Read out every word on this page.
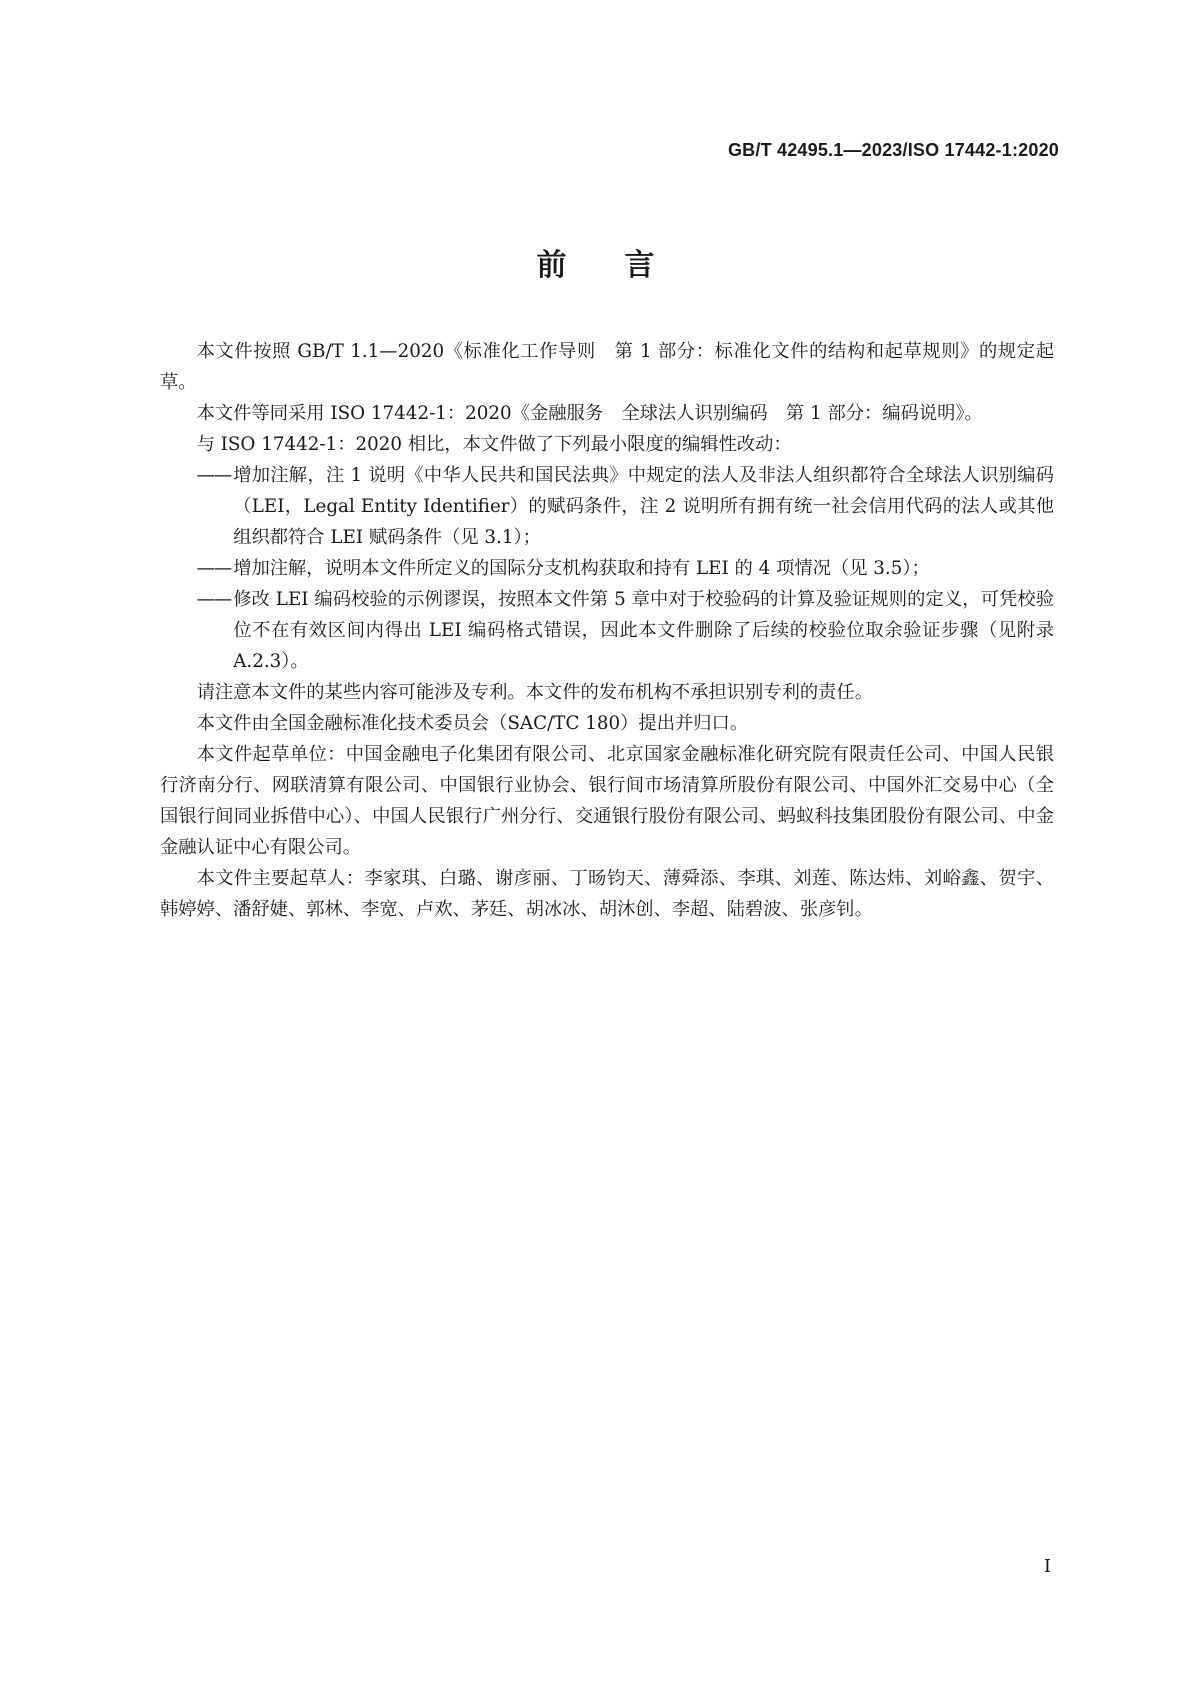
GB/T 42495.1—2023/ISO 17442-1:2020
前言

本文件按照 GB/T 1.1—2020《标准化工作导则　第 1 部分：标准化文件的结构和起草规则》的规定起草。

本文件等同采用 ISO 17442-1：2020《金融服务　全球法人识别编码　第 1 部分：编码说明》。

与 ISO 17442-1：2020 相比，本文件做了下列最小限度的编辑性改动：

—— 增加注解，注 1 说明《中华人民共和国民法典》中规定的法人及非法人组织都符合全球法人识别编码（LEI，Legal Entity Identifier）的赋码条件，注 2 说明所有拥有统一社会信用代码的法人或其他组织都符合 LEI 赋码条件（见 3.1）；
—— 增加注解，说明本文件所定义的国际分支机构获取和持有 LEI 的 4 项情况（见 3.5）；
—— 修改 LEI 编码校验的示例谬误，按照本文件第 5 章中对于校验码的计算及验证规则的定义，可凭校验位不在有效区间内得出 LEI 编码格式错误，因此本文件删除了后续的校验位取余验证步骤（见附录 A.2.3）。

请注意本文件的某些内容可能涉及专利。本文件的发布机构不承担识别专利的责任。

本文件由全国金融标准化技术委员会（SAC/TC 180）提出并归口。

本文件起草单位：中国金融电子化集团有限公司、北京国家金融标准化研究院有限责任公司、中国人民银行济南分行、网联清算有限公司、中国银行业协会、银行间市场清算所股份有限公司、中国外汇交易中心（全国银行间同业拆借中心）、中国人民银行广州分行、交通银行股份有限公司、蚂蚁科技集团股份有限公司、中金金融认证中心有限公司。

本文件主要起草人：李家琪、白璐、谢彦丽、丁旸钧天、薄舜添、李琪、刘莲、陈达炜、刘峪鑫、贺宇、韩婷婷、潘舒婕、郭林、李宽、卢欢、茅廷、胡冰冰、胡沐创、李超、陆碧波、张彦钊。

I
